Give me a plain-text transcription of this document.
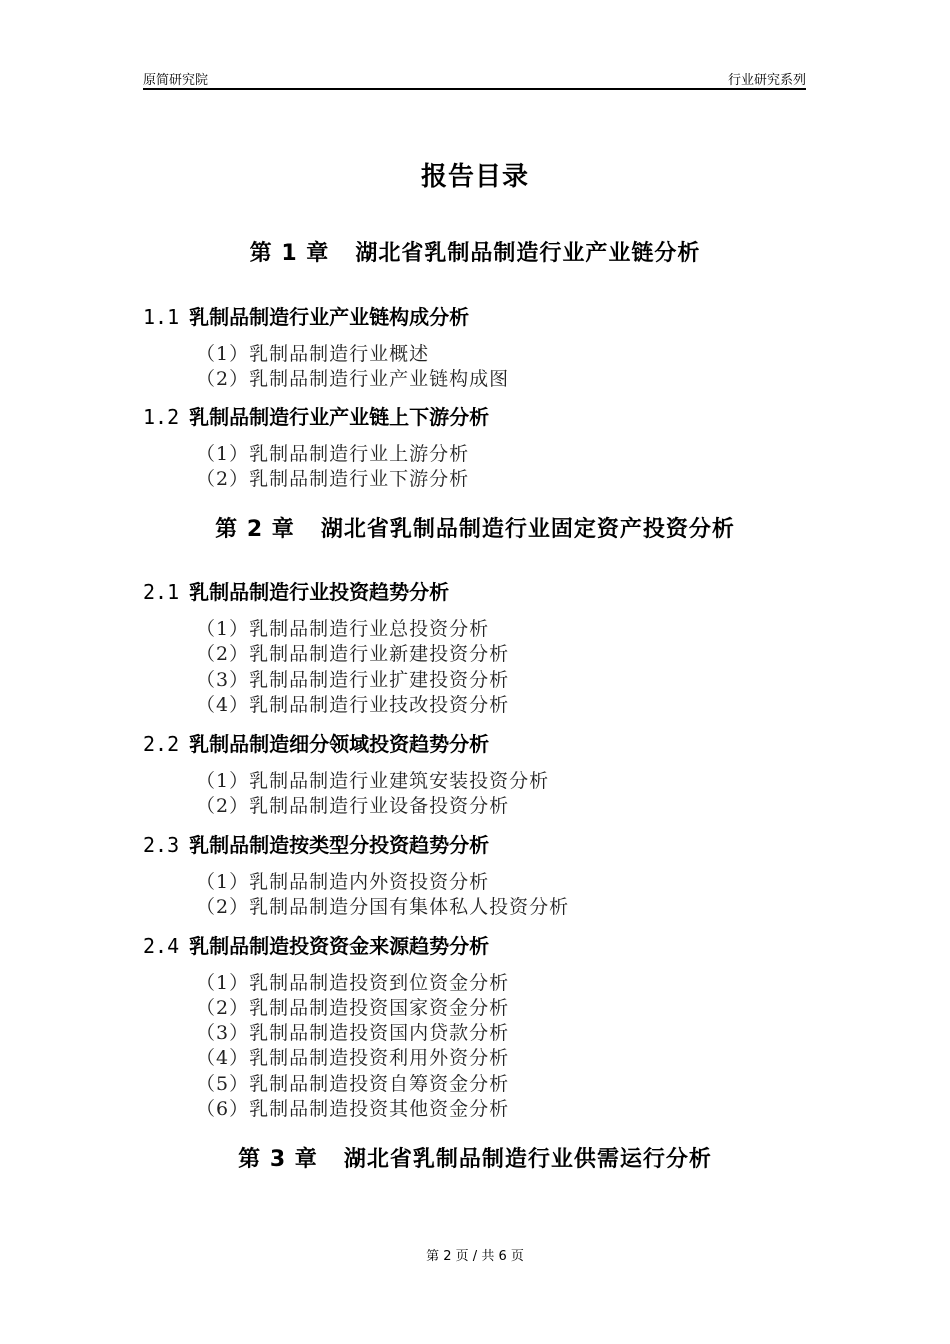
原简研究院	行业研究系列
报告目录
第 1 章 湖北省乳制品制造行业产业链分析
1.1 乳制品制造行业产业链构成分析
（1）乳制品制造行业概述
（2）乳制品制造行业产业链构成图
1.2 乳制品制造行业产业链上下游分析
（1）乳制品制造行业上游分析
（2）乳制品制造行业下游分析
第 2 章 湖北省乳制品制造行业固定资产投资分析
2.1 乳制品制造行业投资趋势分析
（1）乳制品制造行业总投资分析
（2）乳制品制造行业新建投资分析
（3）乳制品制造行业扩建投资分析
（4）乳制品制造行业技改投资分析
2.2 乳制品制造细分领域投资趋势分析
（1）乳制品制造行业建筑安装投资分析
（2）乳制品制造行业设备投资分析
2.3 乳制品制造按类型分投资趋势分析
（1）乳制品制造内外资投资分析
（2）乳制品制造分国有集体私人投资分析
2.4 乳制品制造投资资金来源趋势分析
（1）乳制品制造投资到位资金分析
（2）乳制品制造投资国家资金分析
（3）乳制品制造投资国内贷款分析
（4）乳制品制造投资利用外资分析
（5）乳制品制造投资自筹资金分析
（6）乳制品制造投资其他资金分析
第 3 章 湖北省乳制品制造行业供需运行分析
第 2 页 / 共 6 页
